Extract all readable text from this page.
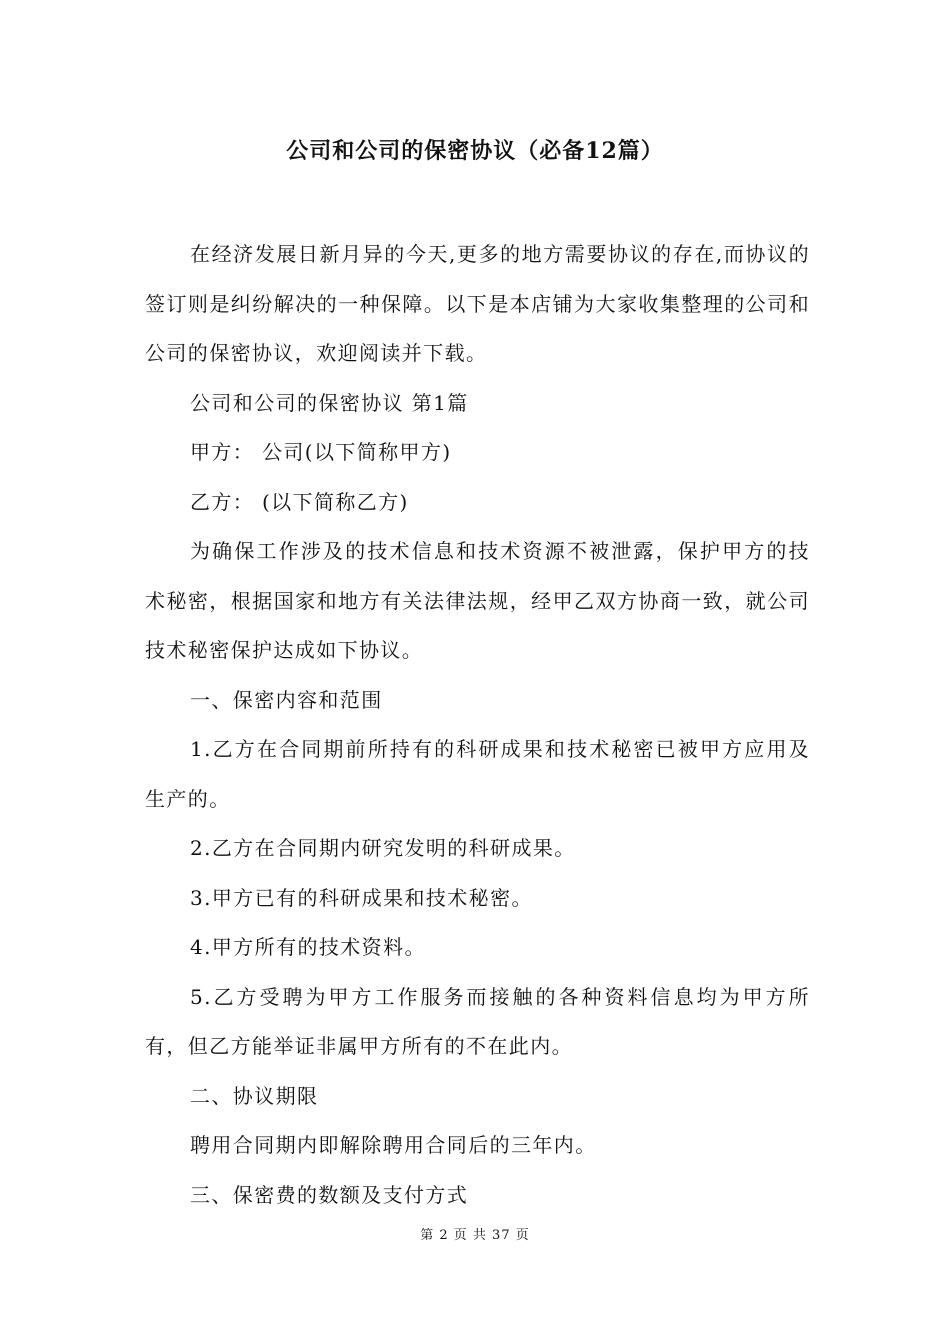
公司和公司的保密协议（必备12篇）

在经济发展日新月异的今天,更多的地方需要协议的存在,而协议的签订则是纠纷解决的一种保障。以下是本店铺为大家收集整理的公司和公司的保密协议，欢迎阅读并下载。

公司和公司的保密协议 第1篇

甲方： 公司(以下简称甲方)

乙方： (以下简称乙方)

为确保工作涉及的技术信息和技术资源不被泄露，保护甲方的技术秘密，根据国家和地方有关法律法规，经甲乙双方协商一致，就公司技术秘密保护达成如下协议。

一、保密内容和范围

1.乙方在合同期前所持有的科研成果和技术秘密已被甲方应用及生产的。

2.乙方在合同期内研究发明的科研成果。

3.甲方已有的科研成果和技术秘密。

4.甲方所有的技术资料。

5.乙方受聘为甲方工作服务而接触的各种资料信息均为甲方所有，但乙方能举证非属甲方所有的不在此内。

二、协议期限

聘用合同期内即解除聘用合同后的三年内。

三、保密费的数额及支付方式

第 2 页 共 37 页
